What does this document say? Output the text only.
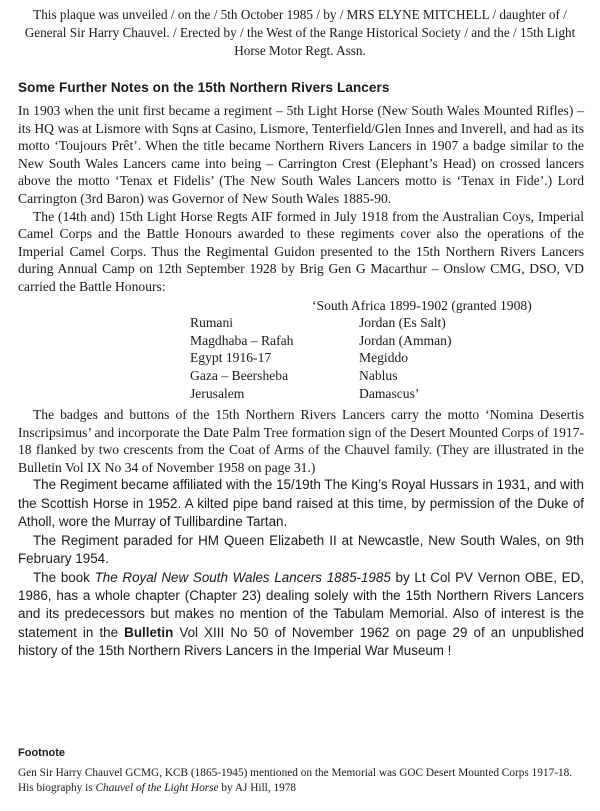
This plaque was unveiled / on the / 5th October 1985 / by / MRS ELYNE MITCHELL / daughter of / General Sir Harry Chauvel. / Erected by / the West of the Range Historical Society / and the / 15th Light Horse Motor Regt. Assn.
Some Further Notes on the 15th Northern Rivers Lancers

In 1903 when the unit first became a regiment – 5th Light Horse (New South Wales Mounted Rifles) – its HQ was at Lismore with Sqns at Casino, Lismore, Tenterfield/Glen Innes and Inverell, and had as its motto ‘Toujours Prêt’. When the title became Northern Rivers Lancers in 1907 a badge similar to the New South Wales Lancers came into being – Carrington Crest (Elephant’s Head) on crossed lancers above the motto ‘Tenax et Fidelis’ (The New South Wales Lancers motto is ‘Tenax in Fide’.) Lord Carrington (3rd Baron) was Governor of New South Wales 1885-90.

The (14th and) 15th Light Horse Regts AIF formed in July 1918 from the Australian Coys, Imperial Camel Corps and the Battle Honours awarded to these regiments cover also the operations of the Imperial Camel Corps. Thus the Regimental Guidon presented to the 15th Northern Rivers Lancers during Annual Camp on 12th September 1928 by Brig Gen G Macarthur – Onslow CMG, DSO, VD carried the Battle Honours:

‘South Africa 1899-1902 (granted 1908)
Rumani	Jordan (Es Salt)
Magdhaba – Rafah	Jordan (Amman)
Egypt 1916-17	Megiddo
Gaza – Beersheba	Nablus
Jerusalem	Damascus’

The badges and buttons of the 15th Northern Rivers Lancers carry the motto ‘Nomina Desertis Inscripsimus’ and incorporate the Date Palm Tree formation sign of the Desert Mounted Corps of 1917-18 flanked by two crescents from the Coat of Arms of the Chauvel family. (They are illustrated in the Bulletin Vol IX No 34 of November 1958 on page 31.)

The Regiment became affiliated with the 15/19th The King’s Royal Hussars in 1931, and with the Scottish Horse in 1952. A kilted pipe band raised at this time, by permission of the Duke of Atholl, wore the Murray of Tullibardine Tartan.

The Regiment paraded for HM Queen Elizabeth II at Newcastle, New South Wales, on 9th February 1954.

The book The Royal New South Wales Lancers 1885-1985 by Lt Col PV Vernon OBE, ED, 1986, has a whole chapter (Chapter 23) dealing solely with the 15th Northern Rivers Lancers and its predecessors but makes no mention of the Tabulam Memorial. Also of interest is the statement in the Bulletin Vol XIII No 50 of November 1962 on page 29 of an unpublished history of the 15th Northern Rivers Lancers in the Imperial War Museum !

Footnote
Gen Sir Harry Chauvel GCMG, KCB (1865-1945) mentioned on the Memorial was GOC Desert Mounted Corps 1917-18. His biography is Chauvel of the Light Horse by AJ Hill, 1978
